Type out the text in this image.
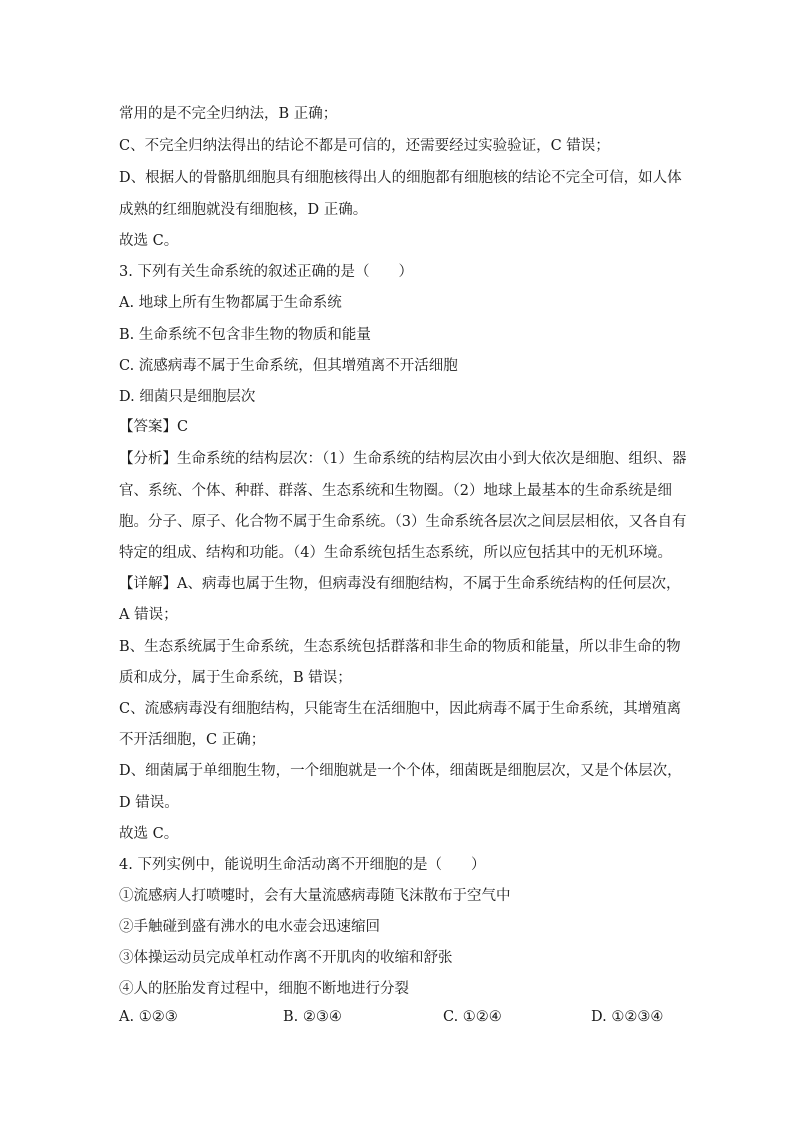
常用的是不完全归纳法，B 正确；
C、不完全归纳法得出的结论不都是可信的，还需要经过实验验证，C 错误；
D、根据人的骨骼肌细胞具有细胞核得出人的细胞都有细胞核的结论不完全可信，如人体
成熟的红细胞就没有细胞核，D 正确。
故选 C。
3. 下列有关生命系统的叙述正确的是（　　）
A. 地球上所有生物都属于生命系统
B. 生命系统不包含非生物的物质和能量
C. 流感病毒不属于生命系统，但其增殖离不开活细胞
D. 细菌只是细胞层次
【答案】C
【分析】生命系统的结构层次：（1）生命系统的结构层次由小到大依次是细胞、组织、器
官、系统、个体、种群、群落、生态系统和生物圈。（2）地球上最基本的生命系统是细
胞。分子、原子、化合物不属于生命系统。（3）生命系统各层次之间层层相依，又各自有
特定的组成、结构和功能。（4）生命系统包括生态系统，所以应包括其中的无机环境。
【详解】A、病毒也属于生物，但病毒没有细胞结构，不属于生命系统结构的任何层次，
A 错误；
B、生态系统属于生命系统，生态系统包括群落和非生命的物质和能量，所以非生命的物
质和成分，属于生命系统，B 错误；
C、流感病毒没有细胞结构，只能寄生在活细胞中，因此病毒不属于生命系统，其增殖离
不开活细胞，C 正确；
D、细菌属于单细胞生物，一个细胞就是一个个体，细菌既是细胞层次，又是个体层次，
D 错误。
故选 C。
4. 下列实例中，能说明生命活动离不开细胞的是（　　）
①流感病人打喷嚏时，会有大量流感病毒随飞沫散布于空气中
②手触碰到盛有沸水的电水壶会迅速缩回
③体操运动员完成单杠动作离不开肌肉的收缩和舒张
④人的胚胎发育过程中，细胞不断地进行分裂
A. ①②③	B. ②③④	C. ①②④	D. ①②③④
